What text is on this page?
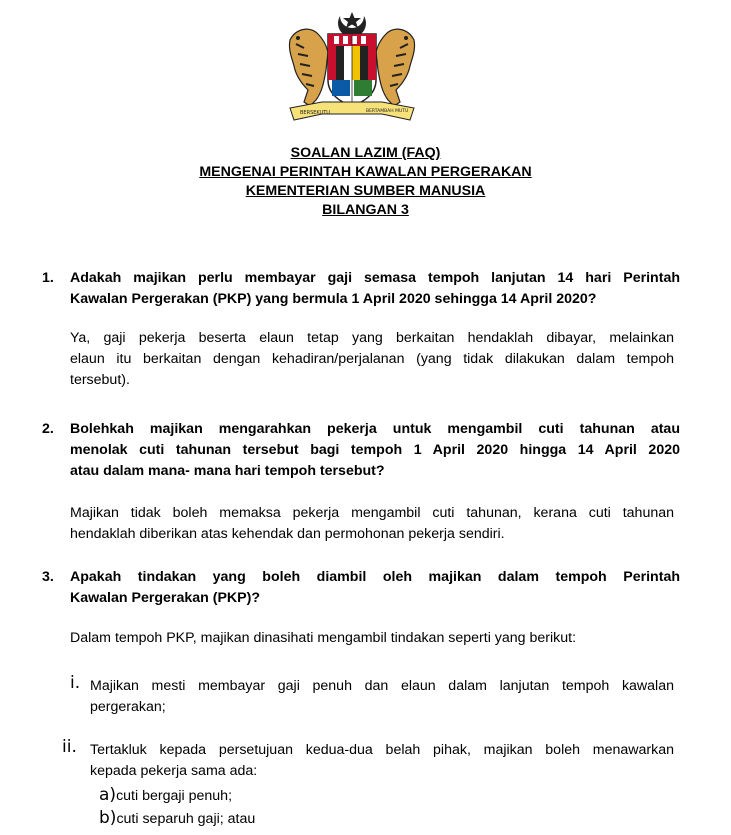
BERSEKUTU	BERTAMBAH MUTU
SOALAN LAZIM (FAQ)
MENGENAI PERINTAH KAWALAN PERGERAKAN
KEMENTERIAN SUMBER MANUSIA
BILANGAN 3
1. Adakah majikan perlu membayar gaji semasa tempoh lanjutan 14 hari Perintah
Kawalan Pergerakan (PKP) yang bermula 1 April 2020 sehingga 14 April 2020?
Ya, gaji pekerja beserta elaun tetap yang berkaitan hendaklah dibayar, melainkan
elaun itu berkaitan dengan kehadiran/perjalanan (yang tidak dilakukan dalam tempoh
tersebut).
2. Bolehkah majikan mengarahkan pekerja untuk mengambil cuti tahunan atau
menolak cuti tahunan tersebut bagi tempoh 1 April 2020 hingga 14 April 2020
atau dalam mana- mana hari tempoh tersebut?
Majikan tidak boleh memaksa pekerja mengambil cuti tahunan, kerana cuti tahunan
hendaklah diberikan atas kehendak dan permohonan pekerja sendiri.
3. Apakah tindakan yang boleh diambil oleh majikan dalam tempoh Perintah
Kawalan Pergerakan (PKP)?
Dalam tempoh PKP, majikan dinasihati mengambil tindakan seperti yang berikut:
i. Majikan mesti membayar gaji penuh dan elaun dalam lanjutan tempoh kawalan
pergerakan;
ii. Tertakluk kepada persetujuan kedua-dua belah pihak, majikan boleh menawarkan
kepada pekerja sama ada:
a)cuti bergaji penuh;
b)cuti separuh gaji; atau
